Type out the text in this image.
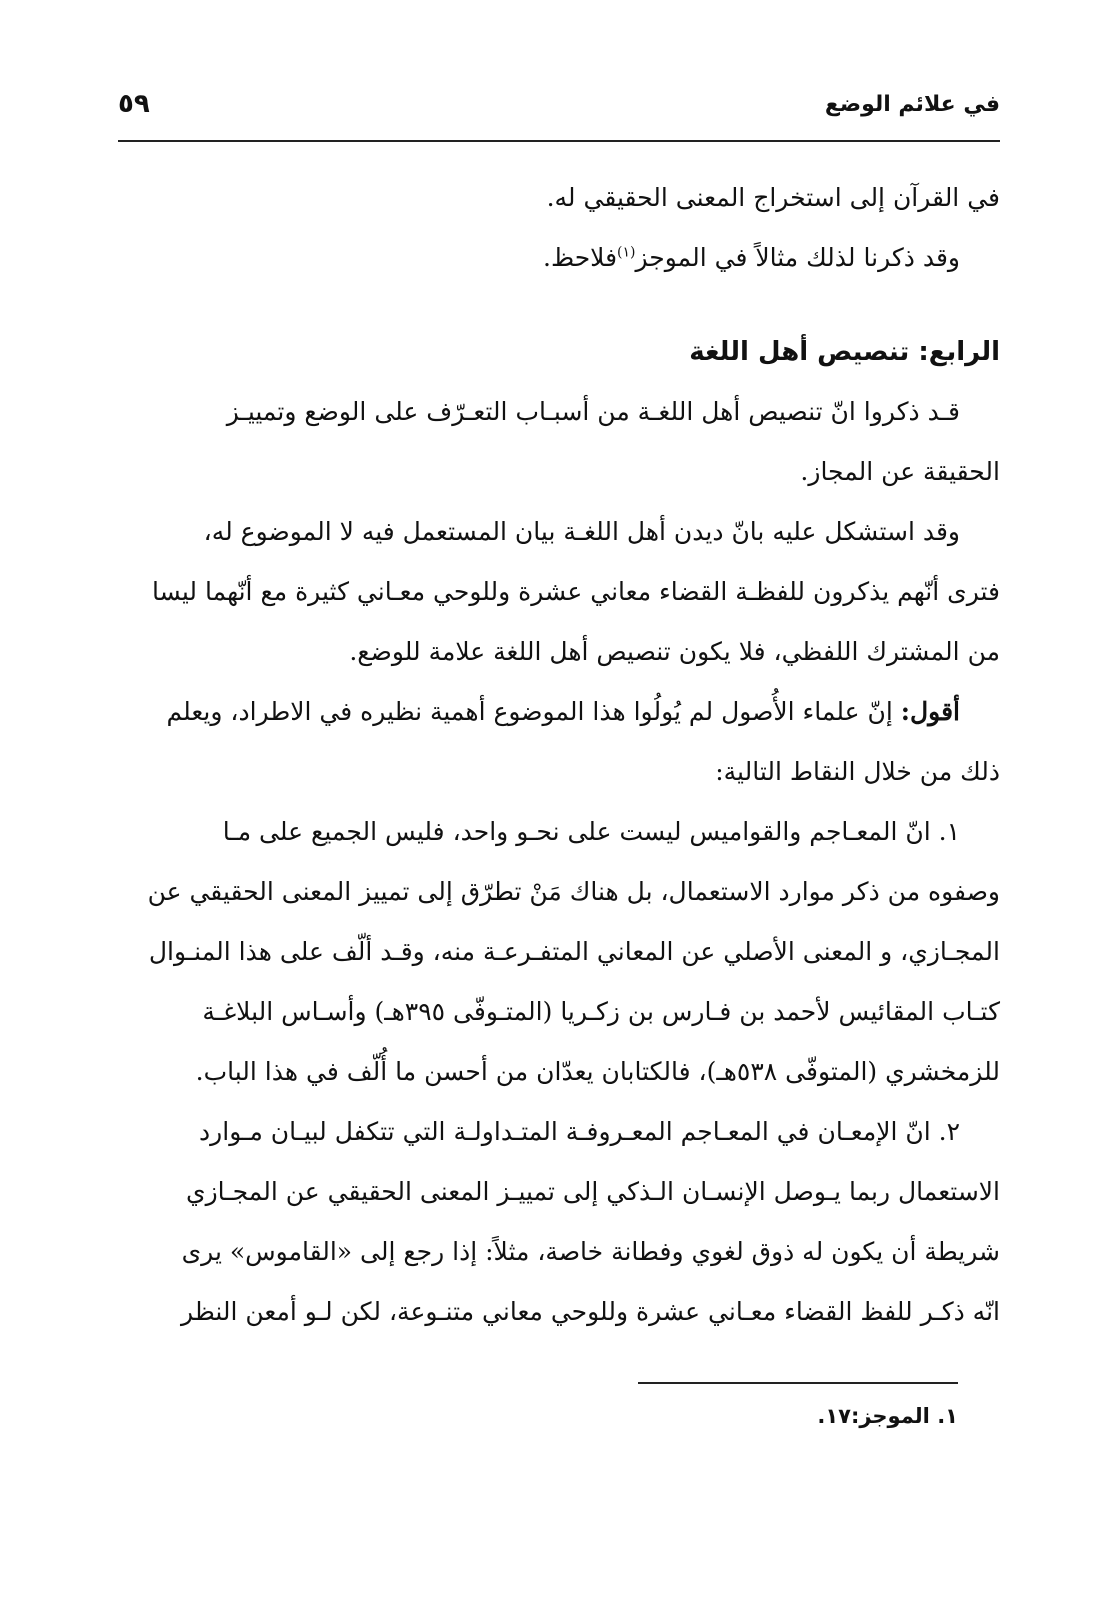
في علائم الوضع
٥٩
في القرآن إلى استخراج المعنى الحقيقي له.
وقد ذكرنا لذلك مثالاً في الموجز$^{(١)}$فلاحظ.
الرابع: تنصيص أهل اللغة
قـد ذكروا انّ تنصيص أهل اللغـة من أسبـاب التعـرّف على الوضع وتمييـز
الحقيقة عن المجاز.
وقد استشكل عليه بانّ ديدن أهل اللغـة بيان المستعمل فيه لا الموضوع له،
فترى أنّهم يذكرون للفظـة القضاء معاني عشرة وللوحي معـاني كثيرة مع أنّهما ليسا
من المشترك اللفظي، فلا يكون تنصيص أهل اللغة علامة للوضع.
أقول: إنّ علماء الأُصول لم يُولُوا هذا الموضوع أهمية نظيره في الاطراد، ويعلم
ذلك من خلال النقاط التالية:
١. انّ المعـاجم والقواميس ليست على نحـو واحد، فليس الجميع على مـا
وصفوه من ذكر موارد الاستعمال، بل هناك مَنْ تطرّق إلى تمييز المعنى الحقيقي عن
المجـازي، و المعنى الأصلي عن المعاني المتفـرعـة منه، وقـد ألّف على هذا المنـوال
كتـاب المقائيس لأحمد بن فـارس بن زكـريا (المتـوفّى ٣٩٥هـ) وأسـاس البلاغـة
للزمخشري (المتوفّى ٥٣٨هـ)، فالكتابان يعدّان من أحسن ما أُلّف في هذا الباب.
٢. انّ الإمعـان في المعـاجم المعـروفـة المتـداولـة التي تتكفل لبيـان مـوارد
الاستعمال ربما يـوصل الإنسـان الـذكي إلى تمييـز المعنى الحقيقي عن المجـازي
شريطة أن يكون له ذوق لغوي وفطانة خاصة، مثلاً: إذا رجع إلى «القاموس» يرى
انّه ذكـر للفظ القضاء معـاني عشرة وللوحي معاني متنـوعة، لكن لـو أمعن النظر
١. الموجز:١٧.
